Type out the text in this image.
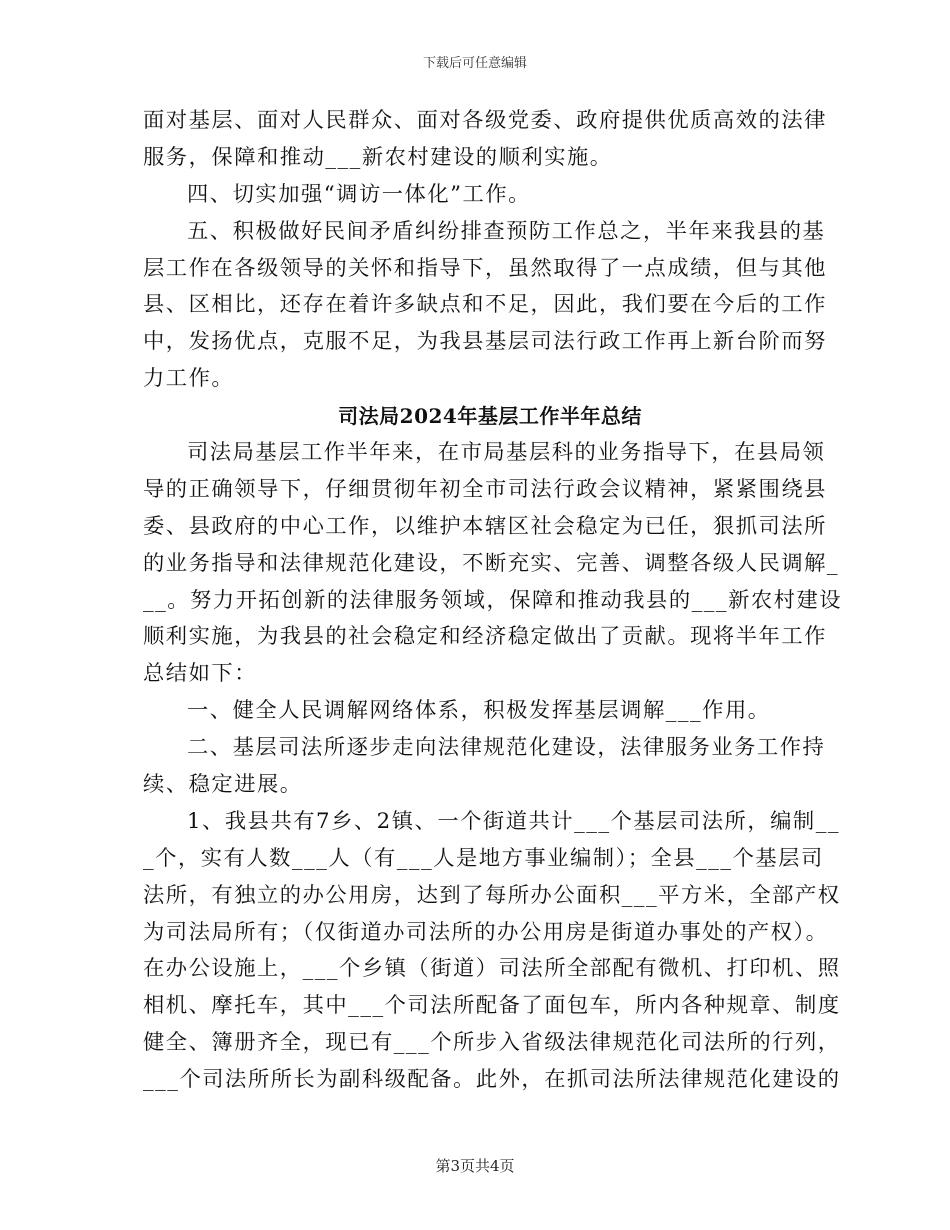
下载后可任意编辑
面对基层、面对人民群众、面对各级党委、政府提供优质高效的法律
服务，保障和推动___新农村建设的顺利实施。
四、切实加强“调访一体化”工作。
五、积极做好民间矛盾纠纷排查预防工作总之，半年来我县的基
层工作在各级领导的关怀和指导下，虽然取得了一点成绩，但与其他
县、区相比，还存在着许多缺点和不足，因此，我们要在今后的工作
中，发扬优点，克服不足，为我县基层司法行政工作再上新台阶而努
力工作。
司法局2024年基层工作半年总结
司法局基层工作半年来，在市局基层科的业务指导下，在县局领
导的正确领导下，仔细贯彻年初全市司法行政会议精神，紧紧围绕县
委、县政府的中心工作，以维护本辖区社会稳定为已任，狠抓司法所
的业务指导和法律规范化建设，不断充实、完善、调整各级人民调解_
__。努力开拓创新的法律服务领域，保障和推动我县的___新农村建设
顺利实施，为我县的社会稳定和经济稳定做出了贡献。现将半年工作
总结如下：
一、健全人民调解网络体系，积极发挥基层调解___作用。
二、基层司法所逐步走向法律规范化建设，法律服务业务工作持
续、稳定进展。
1、我县共有7乡、2镇、一个街道共计___个基层司法所，编制__
_个，实有人数___人（有___人是地方事业编制）；全县___个基层司
法所，有独立的办公用房，达到了每所办公面积___平方米，全部产权
为司法局所有；（仅街道办司法所的办公用房是街道办事处的产权）。
在办公设施上，___个乡镇（街道）司法所全部配有微机、打印机、照
相机、摩托车，其中___个司法所配备了面包车，所内各种规章、制度
健全、簿册齐全，现已有___个所步入省级法律规范化司法所的行列，
___个司法所所长为副科级配备。此外，在抓司法所法律规范化建设的
第3页共4页
